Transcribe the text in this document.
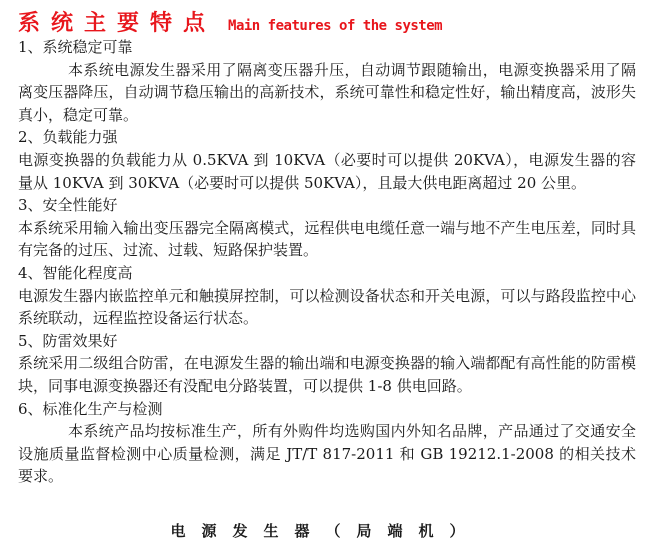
系统主要特点 Main features of the system
1、系统稳定可靠

本系统电源发生器采用了隔离变压器升压，自动调节跟随输出，电源变换器采用了隔离变压器降压，自动调节稳压输出的高新技术，系统可靠性和稳定性好，输出精度高，波形失真小，稳定可靠。

2、负载能力强

电源变换器的负载能力从 0.5KVA 到 10KVA（必要时可以提供 20KVA），电源发生器的容量从 10KVA 到 30KVA（必要时可以提供 50KVA），且最大供电距离超过 20 公里。

3、安全性能好

本系统采用输入输出变压器完全隔离模式，远程供电电缆任意一端与地不产生电压差，同时具有完备的过压、过流、过载、短路保护装置。

4、智能化程度高

电源发生器内嵌监控单元和触摸屏控制，可以检测设备状态和开关电源，可以与路段监控中心系统联动，远程监控设备运行状态。

5、防雷效果好

系统采用二级组合防雷，在电源发生器的输出端和电源变换器的输入端都配有高性能的防雷模块，同事电源变换器还有没配电分路装置，可以提供 1-8 供电回路。

6、标准化生产与检测

本系统产品均按标准生产，所有外购件均选购国内外知名品牌，产品通过了交通安全设施质量监督检测中心质量检测，满足 JT/T 817-2011 和 GB 19212.1-2008 的相关技术要求。

电源发生器（局端机）
